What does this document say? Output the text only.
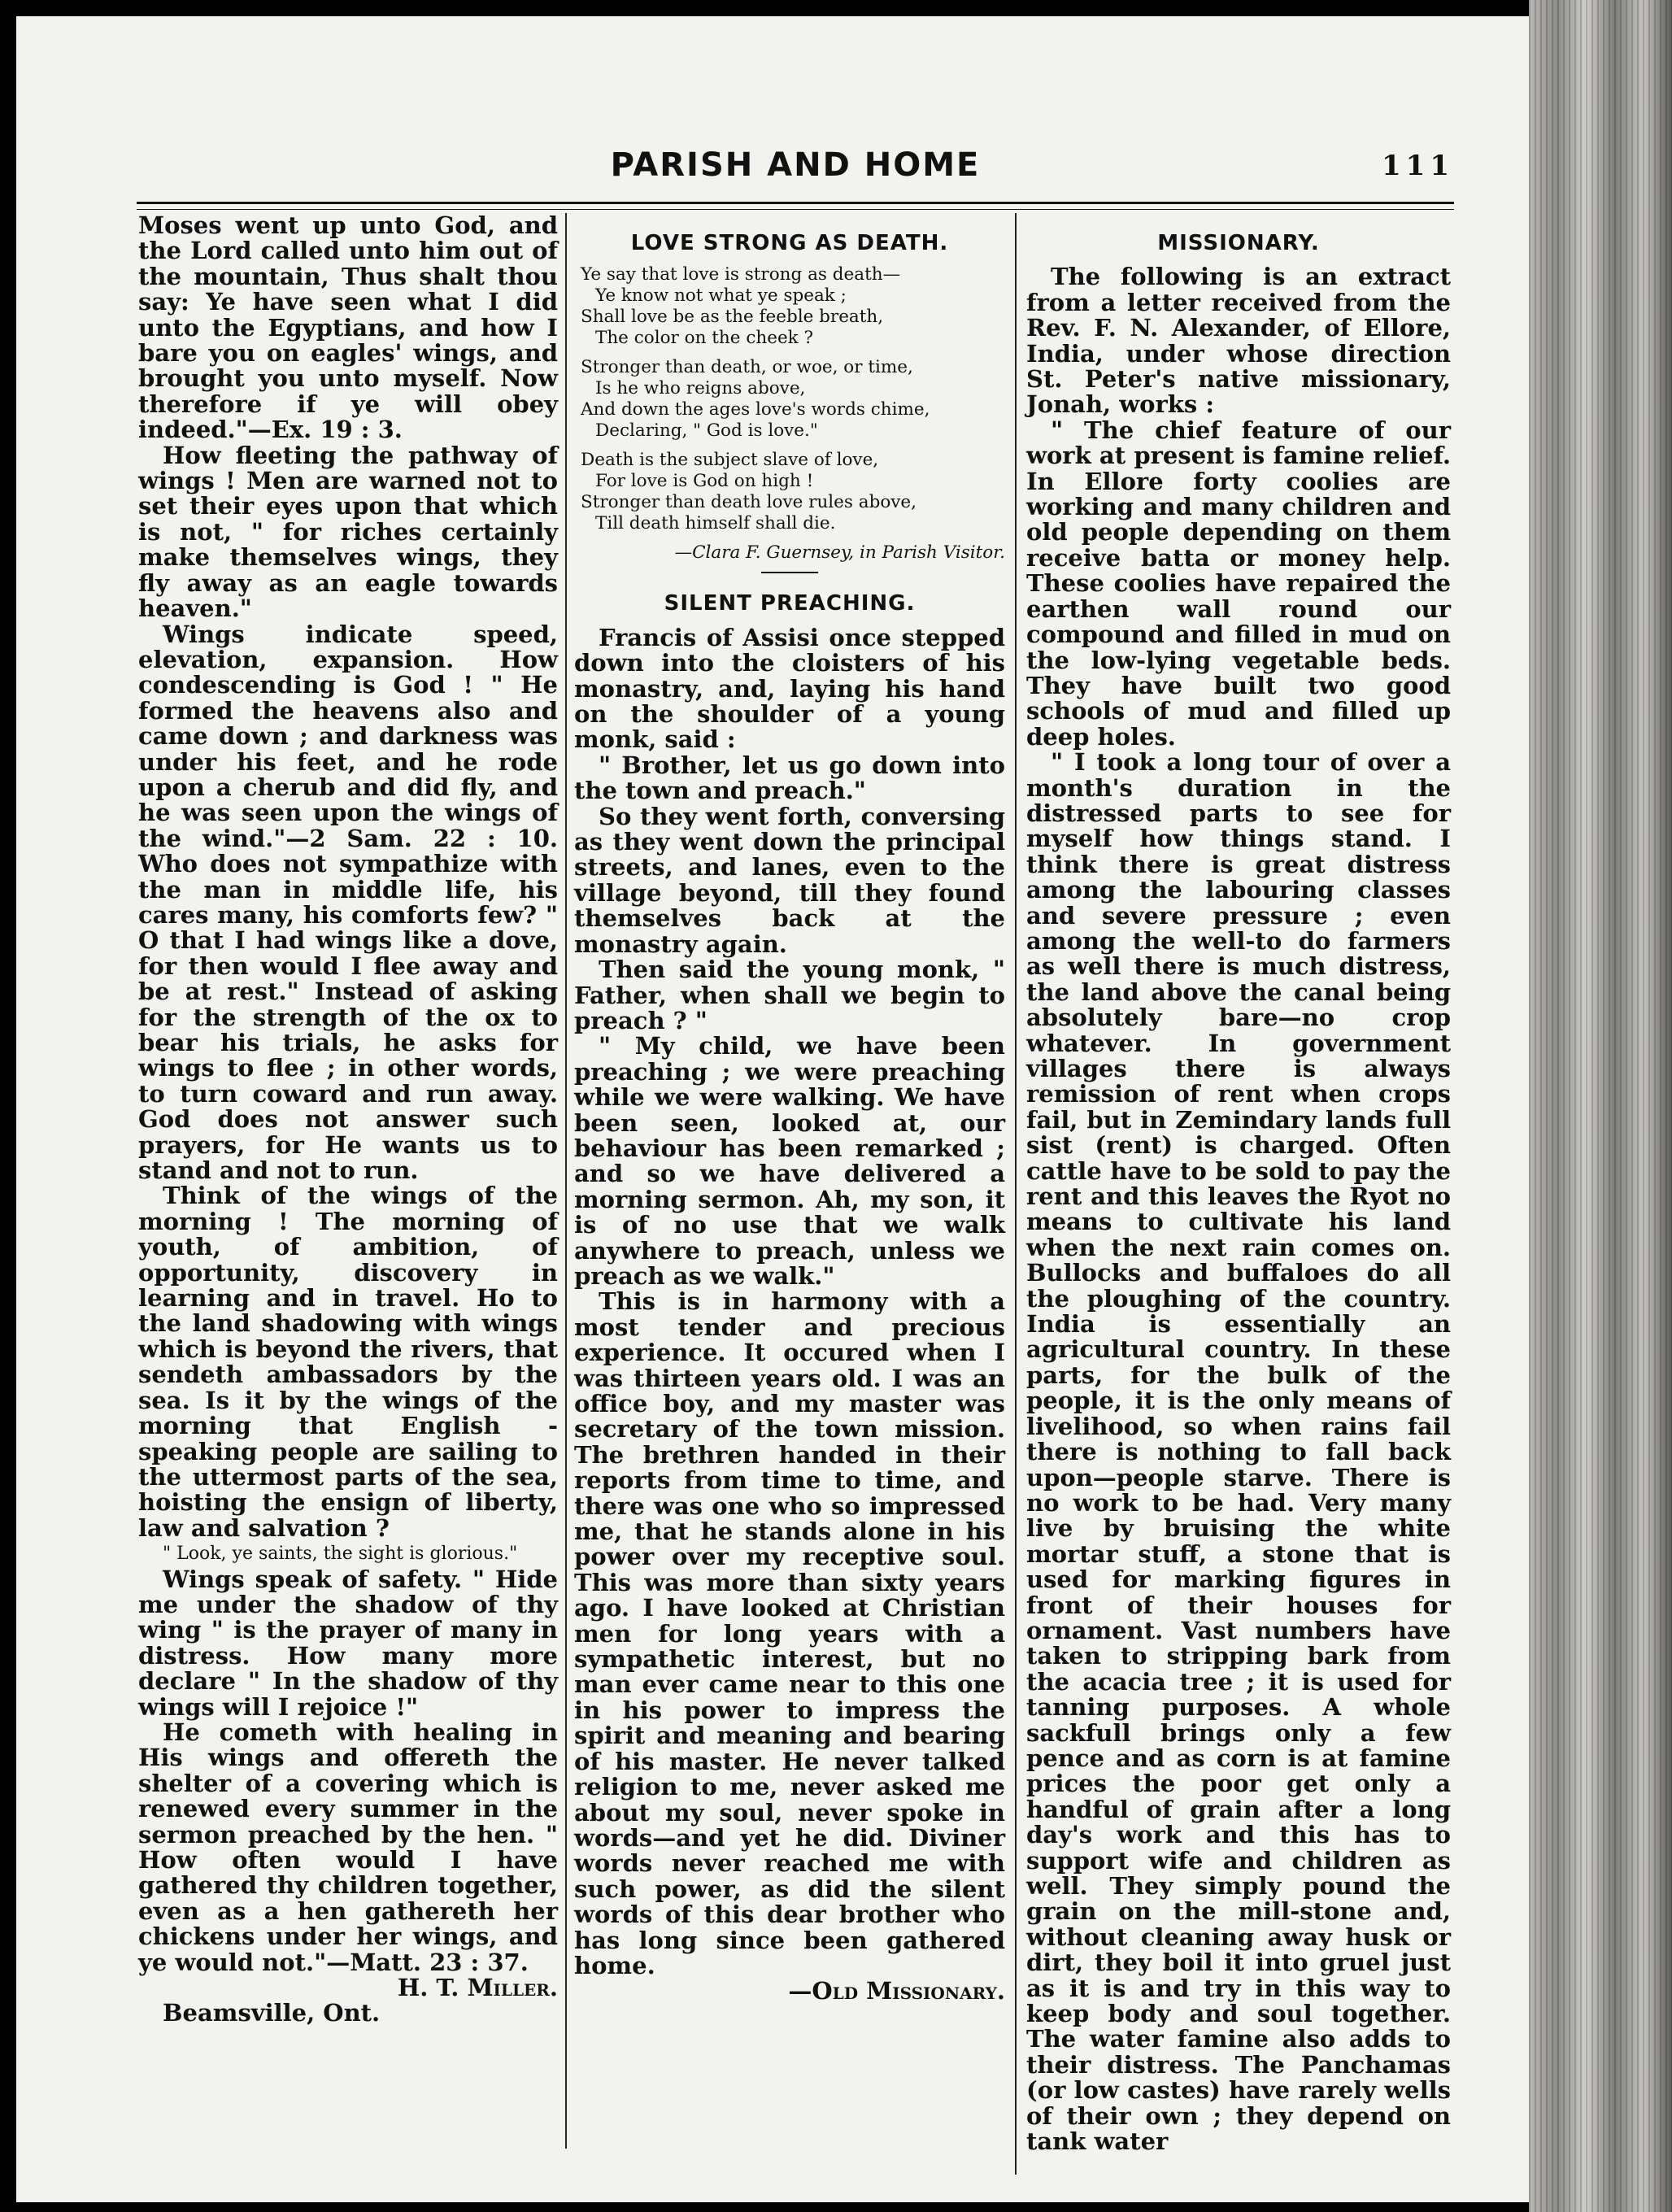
PARISH AND HOME	111

Moses went up unto God, and the Lord called unto him out of the mountain, Thus shalt thou say: Ye have seen what I did unto the Egyptians, and how I bare you on eagles' wings, and brought you unto myself. Now therefore if ye will obey indeed."—Ex. 19 : 3.

How fleeting the pathway of wings ! Men are warned not to set their eyes upon that which is not, " for riches certainly make themselves wings, they fly away as an eagle towards heaven."

Wings indicate speed, elevation, expansion. How condescending is God ! " He formed the heavens also and came down ; and darkness was under his feet, and he rode upon a cherub and did fly, and he was seen upon the wings of the wind."—2 Sam. 22 : 10. Who does not sympathize with the man in middle life, his cares many, his comforts few? " O that I had wings like a dove, for then would I flee away and be at rest." Instead of asking for the strength of the ox to bear his trials, he asks for wings to flee ; in other words, to turn coward and run away. God does not answer such prayers, for He wants us to stand and not to run.

Think of the wings of the morning ! The morning of youth, of ambition, of opportunity, discovery in learning and in travel. Ho to the land shadowing with wings which is beyond the rivers, that sendeth ambassadors by the sea. Is it by the wings of the morning that English - speaking people are sailing to the uttermost parts of the sea, hoisting the ensign of liberty, law and salvation ?

" Look, ye saints, the sight is glorious."

Wings speak of safety. " Hide me under the shadow of thy wing " is the prayer of many in distress. How many more declare " In the shadow of thy wings will I rejoice !"

He cometh with healing in His wings and offereth the shelter of a covering which is renewed every summer in the sermon preached by the hen. " How often would I have gathered thy children together, even as a hen gathereth her chickens under her wings, and ye would not."—Matt. 23 : 37.

H. T. Miller.

Beamsville, Ont.

LOVE STRONG AS DEATH.
Ye say that love is strong as death—
Ye know not what ye speak ;
Shall love be as the feeble breath,
The color on the cheek ?
Stronger than death, or woe, or time,
Is he who reigns above,
And down the ages love's words chime,
Declaring, " God is love."
Death is the subject slave of love,
For love is God on high !
Stronger than death love rules above,
Till death himself shall die.
—Clara F. Guernsey, in Parish Visitor.
SILENT PREACHING.

Francis of Assisi once stepped down into the cloisters of his monastry, and, laying his hand on the shoulder of a young monk, said :

" Brother, let us go down into the town and preach."

So they went forth, conversing as they went down the principal streets, and lanes, even to the village beyond, till they found themselves back at the monastry again.

Then said the young monk, " Father, when shall we begin to preach ? "

" My child, we have been preaching ; we were preaching while we were walking. We have been seen, looked at, our behaviour has been remarked ; and so we have delivered a morning sermon. Ah, my son, it is of no use that we walk anywhere to preach, unless we preach as we walk."

This is in harmony with a most tender and precious experience. It occured when I was thirteen years old. I was an office boy, and my master was secretary of the town mission. The brethren handed in their reports from time to time, and there was one who so impressed me, that he stands alone in his power over my receptive soul. This was more than sixty years ago. I have looked at Christian men for long years with a sympathetic interest, but no man ever came near to this one in his power to impress the spirit and meaning and bearing of his master. He never talked religion to me, never asked me about my soul, never spoke in words—and yet he did. Diviner words never reached me with such power, as did the silent words of this dear brother who has long since been gathered home.

—Old Missionary.

MISSIONARY.

The following is an extract from a letter received from the Rev. F. N. Alexander, of Ellore, India, under whose direction St. Peter's native missionary, Jonah, works :

" The chief feature of our work at present is famine relief. In Ellore forty coolies are working and many children and old people depending on them receive batta or money help. These coolies have repaired the earthen wall round our compound and filled in mud on the low-lying vegetable beds. They have built two good schools of mud and filled up deep holes.

" I took a long tour of over a month's duration in the distressed parts to see for myself how things stand. I think there is great distress among the labouring classes and severe pressure ; even among the well-to do farmers as well there is much distress, the land above the canal being absolutely bare—no crop whatever. In government villages there is always remission of rent when crops fail, but in Zemindary lands full sist (rent) is charged. Often cattle have to be sold to pay the rent and this leaves the Ryot no means to cultivate his land when the next rain comes on. Bullocks and buffaloes do all the ploughing of the country. India is essentially an agricultural country. In these parts, for the bulk of the people, it is the only means of livelihood, so when rains fail there is nothing to fall back upon—people starve. There is no work to be had. Very many live by bruising the white mortar stuff, a stone that is used for marking figures in front of their houses for ornament. Vast numbers have taken to stripping bark from the acacia tree ; it is used for tanning purposes. A whole sackfull brings only a few pence and as corn is at famine prices the poor get only a handful of grain after a long day's work and this has to support wife and children as well. They simply pound the grain on the mill-stone and, without cleaning away husk or dirt, they boil it into gruel just as it is and try in this way to keep body and soul together. The water famine also adds to their distress. The Panchamas (or low castes) have rarely wells of their own ; they depend on tank water
